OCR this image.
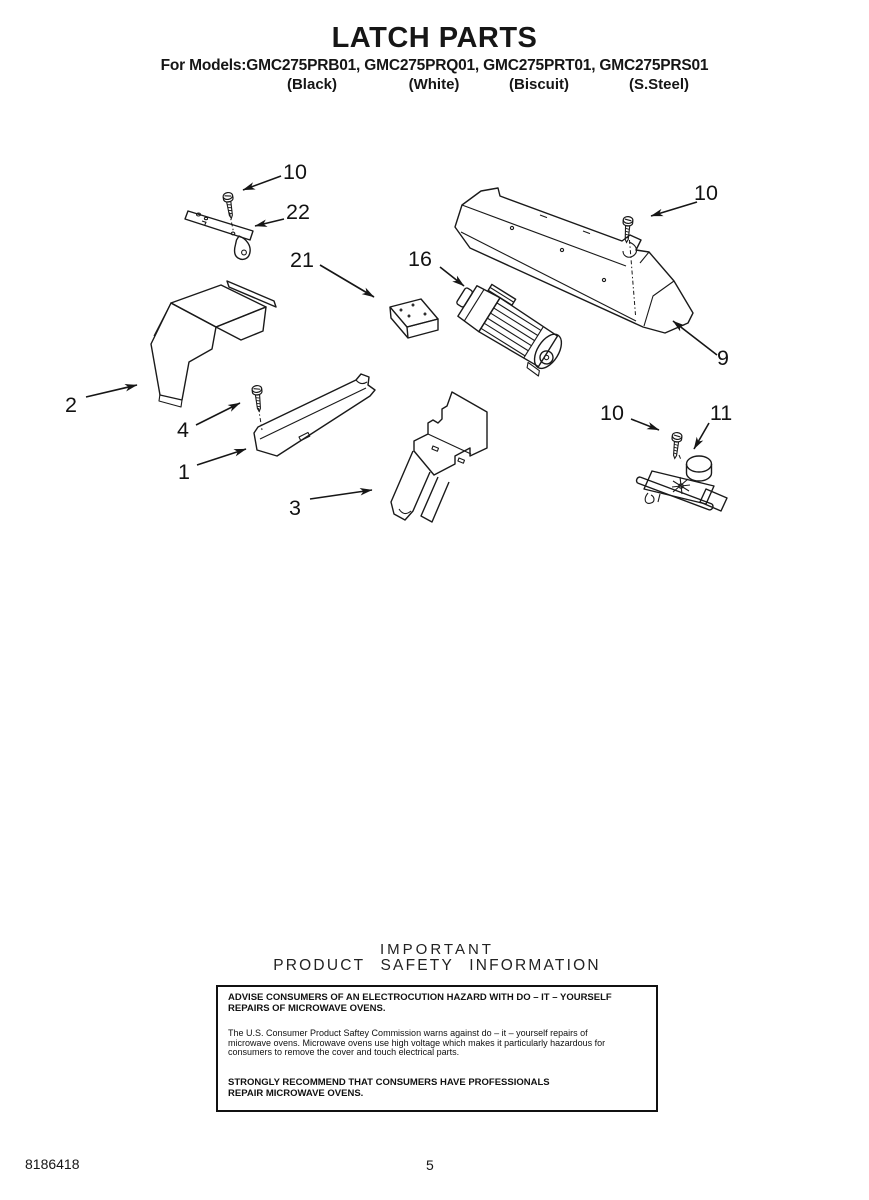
LATCH PARTS
For Models:GMC275PRB01, GMC275PRQ01, GMC275PRT01, GMC275PRS01
(Black)	(White)	(Biscuit)	(S.Steel)
10
22
21	16
10
9
2
4
1
3
10	11
IMPORTANT
PRODUCT SAFETY INFORMATION

ADVISE CONSUMERS OF AN ELECTROCUTION HAZARD WITH DO – IT – YOURSELF REPAIRS OF MICROWAVE OVENS.

The U.S. Consumer Product Saftey Commission warns against do – it – yourself repairs of microwave ovens. Microwave ovens use high voltage which makes it particularly hazardous for consumers to remove the cover and touch electrical parts.

STRONGLY RECOMMEND THAT CONSUMERS HAVE PROFESSIONALS REPAIR MICROWAVE OVENS.

8186418	5
